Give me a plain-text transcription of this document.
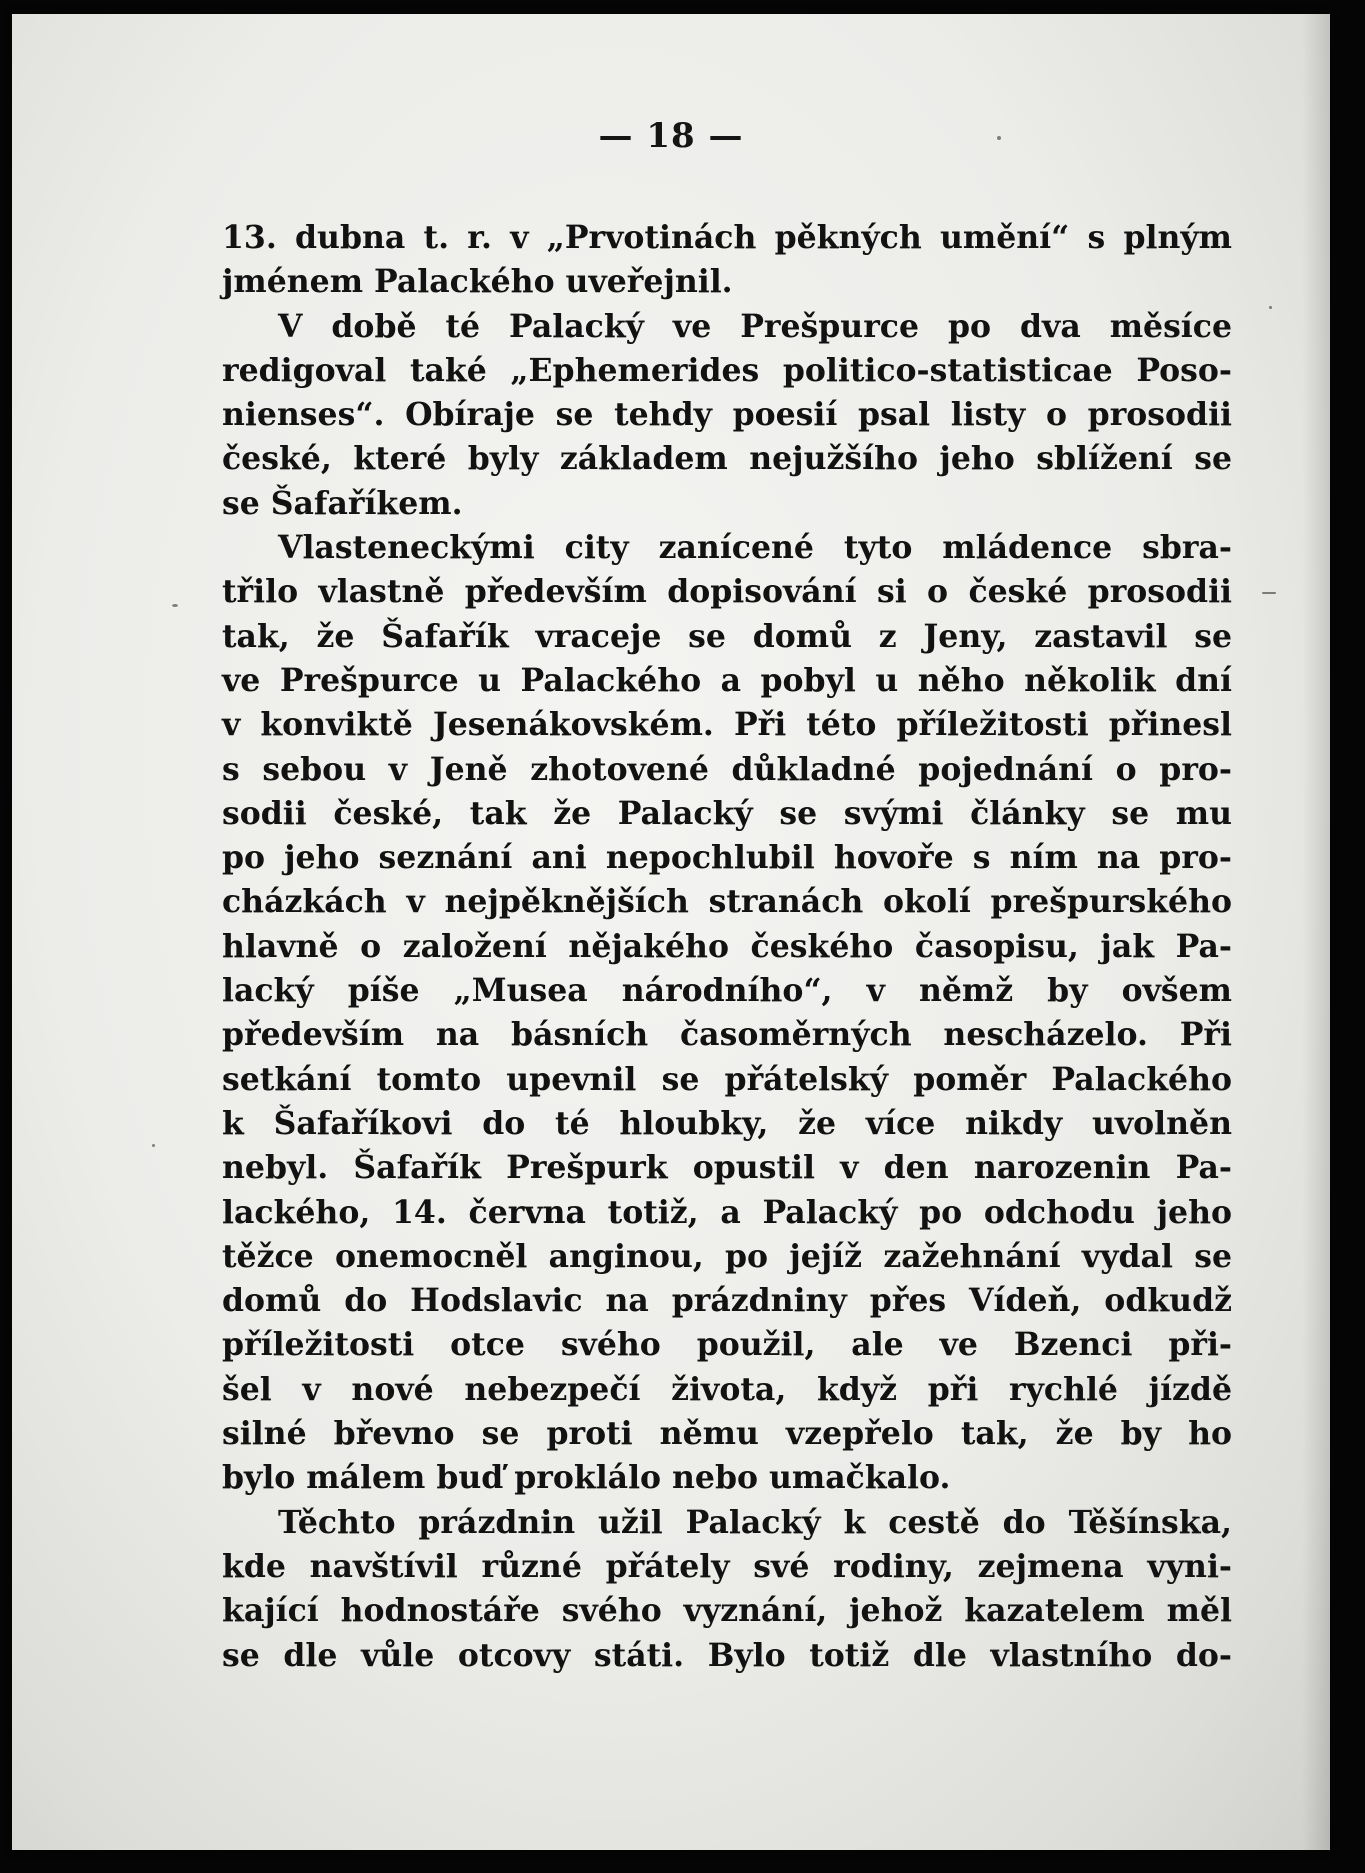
— 18 —
13. dubna t. r. v „Prvotinách pěkných umění“ s plným
jménem Palackého uveřejnil.
V době té Palacký ve Prešpurce po dva měsíce
redigoval také „Ephemerides politico-statisticae Poso-
nienses“. Obíraje se tehdy poesií psal listy o prosodii
české, které byly základem nejužšího jeho sblížení se
se Šafaříkem.
Vlasteneckými city zanícené tyto mládence sbra-
třilo vlastně především dopisování si o české prosodii
tak, že Šafařík vraceje se domů z Jeny, zastavil se
ve Prešpurce u Palackého a pobyl u něho několik dní
v konviktě Jesenákovském. Při této příležitosti přinesl
s sebou v Jeně zhotovené důkladné pojednání o pro-
sodii české, tak že Palacký se svými články se mu
po jeho seznání ani nepochlubil hovoře s ním na pro-
cházkách v nejpěknějších stranách okolí prešpurského
hlavně o založení nějakého českého časopisu, jak Pa-
lacký píše „Musea národního“, v němž by ovšem
především na básních časoměrných nescházelo. Při
setkání tomto upevnil se přátelský poměr Palackého
k Šafaříkovi do té hloubky, že více nikdy uvolněn
nebyl. Šafařík Prešpurk opustil v den narozenin Pa-
lackého, 14. června totiž, a Palacký po odchodu jeho
těžce onemocněl anginou, po jejíž zažehnání vydal se
domů do Hodslavic na prázdniny přes Vídeň, odkudž
příležitosti otce svého použil, ale ve Bzenci při-
šel v nové nebezpečí života, když při rychlé jízdě
silné břevno se proti němu vzepřelo tak, že by ho
bylo málem buď proklálo nebo umačkalo.
Těchto prázdnin užil Palacký k cestě do Těšínska,
kde navštívil různé přátely své rodiny, zejmena vyni-
kající hodnostáře svého vyznání, jehož kazatelem měl
se dle vůle otcovy státi. Bylo totiž dle vlastního do-
